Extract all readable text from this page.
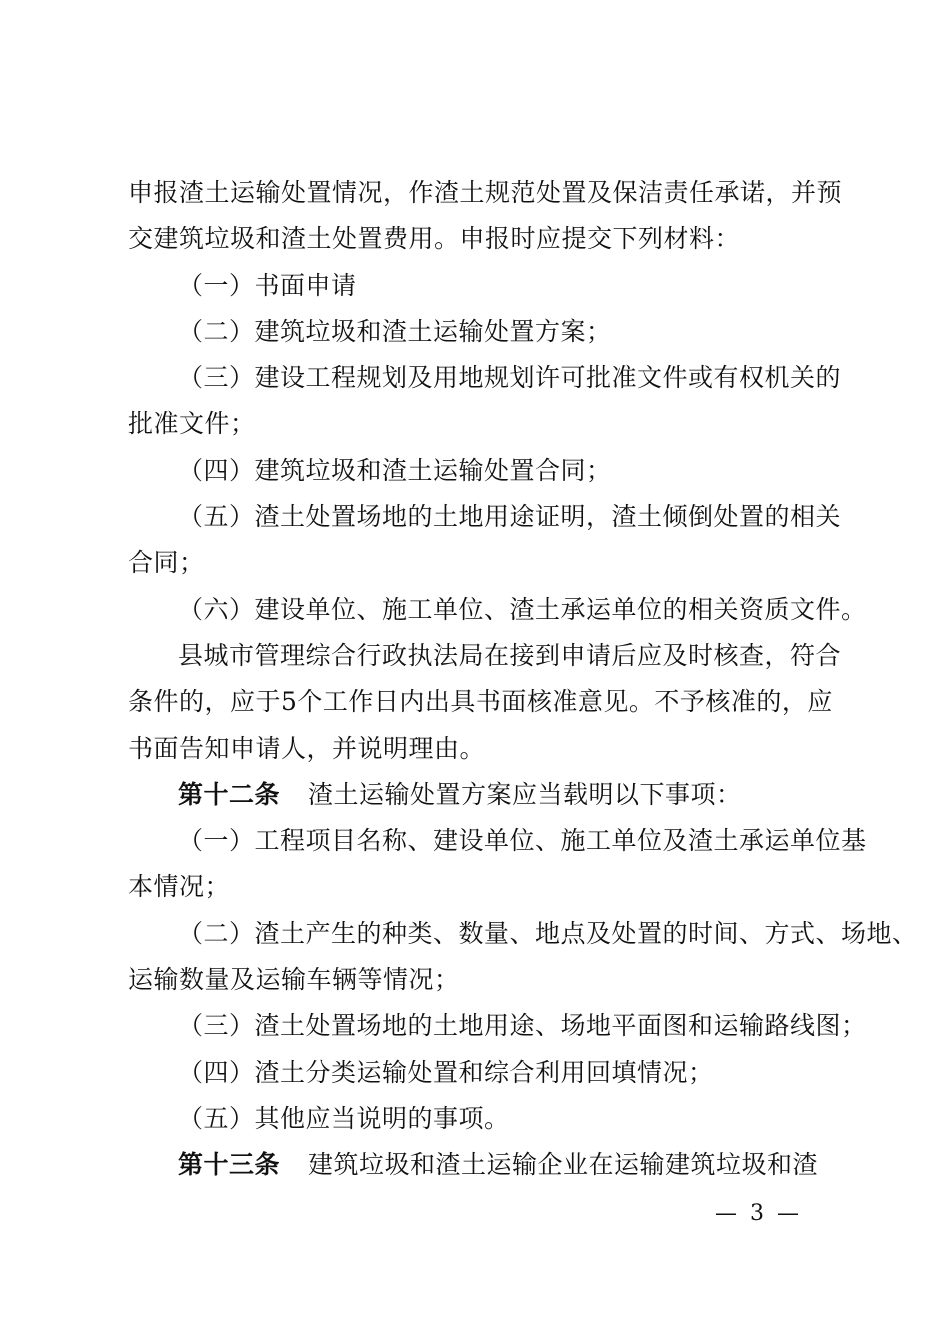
申报渣土运输处置情况，作渣土规范处置及保洁责任承诺，并预
交建筑垃圾和渣土处置费用。申报时应提交下列材料：
（一）书面申请
（二）建筑垃圾和渣土运输处置方案；
（三）建设工程规划及用地规划许可批准文件或有权机关的
批准文件；
（四）建筑垃圾和渣土运输处置合同；
（五）渣土处置场地的土地用途证明，渣土倾倒处置的相关
合同；
（六）建设单位、施工单位、渣土承运单位的相关资质文件。
县城市管理综合行政执法局在接到申请后应及时核查，符合
条件的，应于5个工作日内出具书面核准意见。不予核准的，应
书面告知申请人，并说明理由。
第十二条 渣土运输处置方案应当载明以下事项：
（一）工程项目名称、建设单位、施工单位及渣土承运单位基
本情况；
（二）渣土产生的种类、数量、地点及处置的时间、方式、场地、
运输数量及运输车辆等情况；
（三）渣土处置场地的土地用途、场地平面图和运输路线图；
（四）渣土分类运输处置和综合利用回填情况；
（五）其他应当说明的事项。
第十三条 建筑垃圾和渣土运输企业在运输建筑垃圾和渣
— 3 —
